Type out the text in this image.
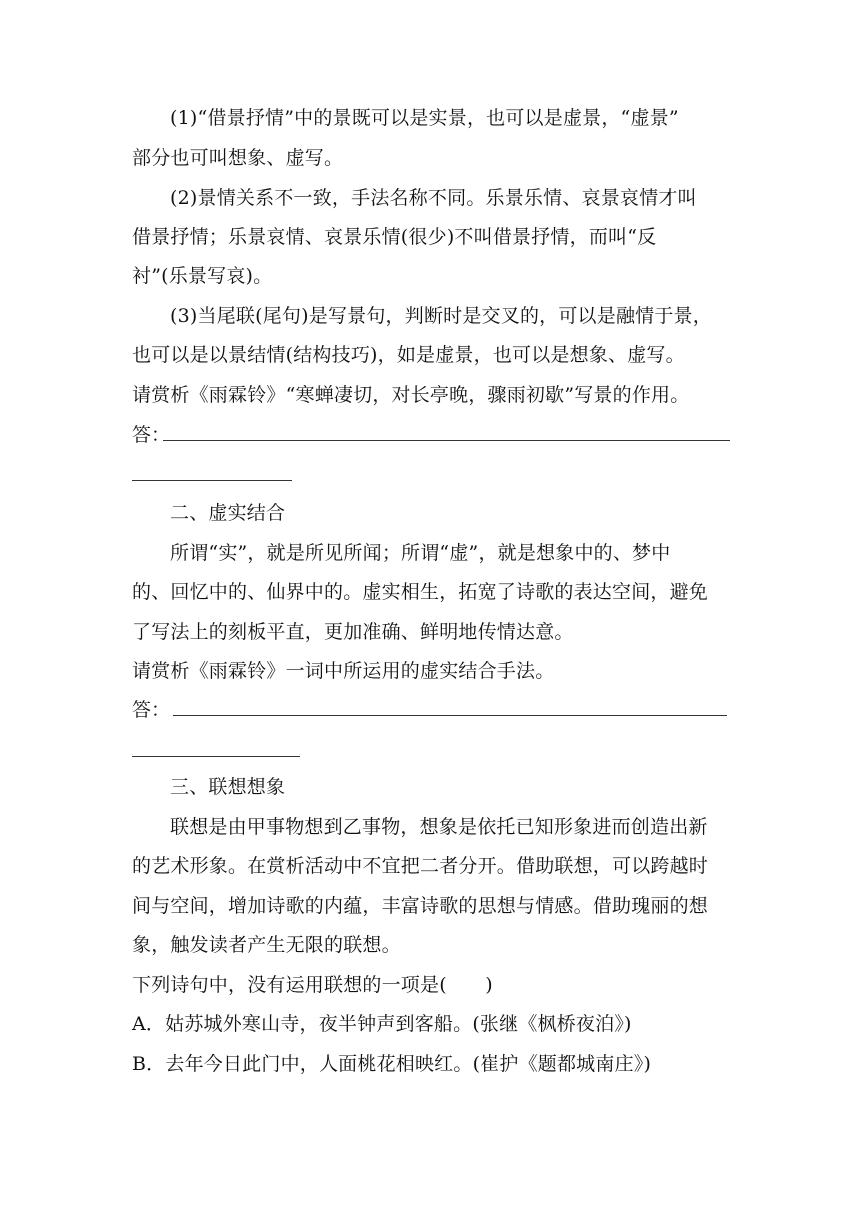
(1)“借景抒情”中的景既可以是实景，也可以是虚景，“虚景”
部分也可叫想象、虚写。
(2)景情关系不一致，手法名称不同。乐景乐情、哀景哀情才叫
借景抒情；乐景哀情、哀景乐情(很少)不叫借景抒情，而叫“反
衬”(乐景写哀)。
(3)当尾联(尾句)是写景句，判断时是交叉的，可以是融情于景，
也可以是以景结情(结构技巧)，如是虚景，也可以是想象、虚写。
请赏析《雨霖铃》“寒蝉凄切，对长亭晚，骤雨初歇”写景的作用。
答：
二、虚实结合
所谓“实”，就是所见所闻；所谓“虚”，就是想象中的、梦中
的、回忆中的、仙界中的。虚实相生，拓宽了诗歌的表达空间，避免
了写法上的刻板平直，更加准确、鲜明地传情达意。
请赏析《雨霖铃》一词中所运用的虚实结合手法。
答：
三、联想想象
联想是由甲事物想到乙事物，想象是依托已知形象进而创造出新
的艺术形象。在赏析活动中不宜把二者分开。借助联想，可以跨越时
间与空间，增加诗歌的内蕴，丰富诗歌的思想与情感。借助瑰丽的想
象，触发读者产生无限的联想。
下列诗句中，没有运用联想的一项是(　　)
A．姑苏城外寒山寺，夜半钟声到客船。(张继《枫桥夜泊》)
B．去年今日此门中，人面桃花相映红。(崔护《题都城南庄》)
